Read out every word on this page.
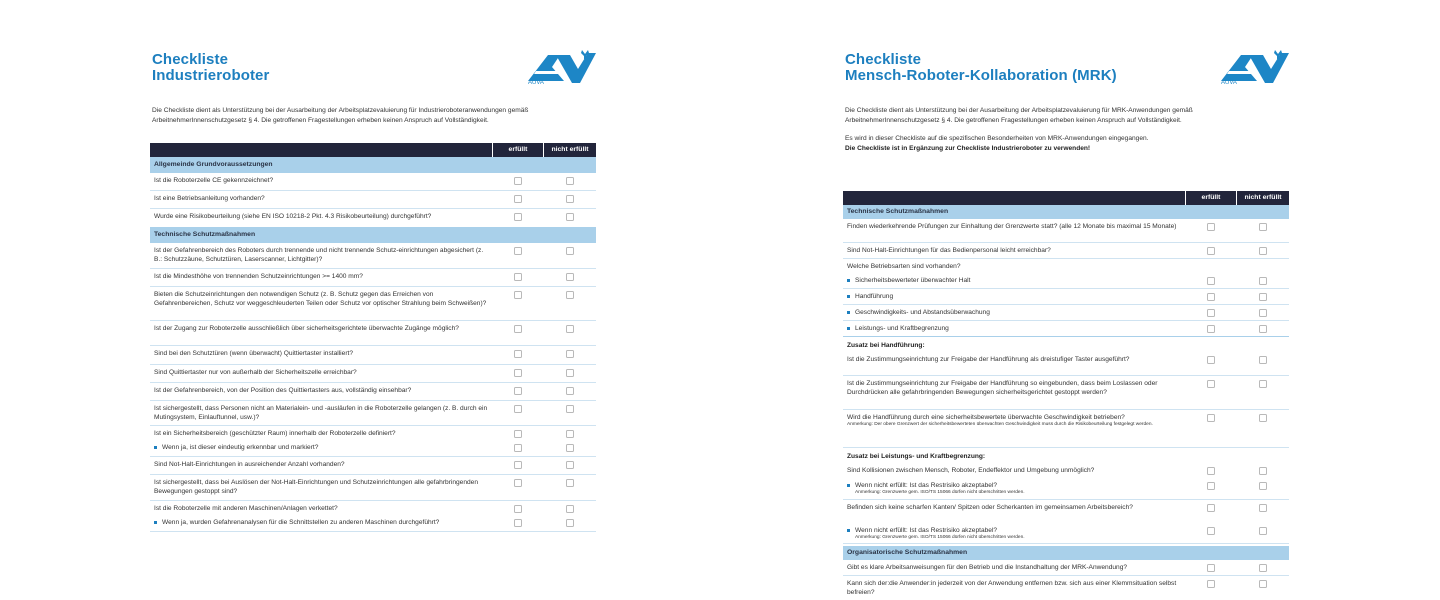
Checkliste
Industrieroboter	AUVA

Die Checkliste dient als Unterstützung bei der Ausarbeitung der Arbeitsplatzevaluierung für Industrieroboteranwendungen gemäß ArbeitnehmerInnenschutzgesetz § 4. Die getroffenen Fragestellungen erheben keinen Anspruch auf Vollständigkeit.

erfüllt	nicht erfüllt
Allgemeinde Grundvoraussetzungen
Ist die Roboterzelle CE gekennzeichnet?
Ist eine Betriebsanleitung vorhanden?
Wurde eine Risikobeurteilung (siehe EN ISO 10218-2 Pkt. 4.3 Risikobeurteilung) durchgeführt?
Technische Schutzmaßnahmen
Ist der Gefahrenbereich des Roboters durch trennende und nicht trennende Schutz-einrichtungen abgesichert (z. B.: Schutzzäune, Schutztüren, Laserscanner, Lichtgitter)?
Ist die Mindesthöhe von trennenden Schutzeinrichtungen >= 1400 mm?
Bieten die Schutzeinrichtungen den notwendigen Schutz (z. B. Schutz gegen das Erreichen von Gefahrenbereichen, Schutz vor weggeschleuderten Teilen oder Schutz vor optischer Strahlung beim Schweißen)?
Ist der Zugang zur Roboterzelle ausschließlich über sicherheitsgerichtete überwachte Zugänge möglich?
Sind bei den Schutztüren (wenn überwacht) Quittiertaster installiert?
Sind Quittiertaster nur von außerhalb der Sicherheitszelle erreichbar?
Ist der Gefahrenbereich, von der Position des Quittiertasters aus, vollständig einsehbar?
Ist sichergestellt, dass Personen nicht an Materialein- und -ausläufen in die Roboterzelle gelangen (z. B. durch ein Mutingsystem, Einlauftunnel, usw.)?
Ist ein Sicherheitsbereich (geschützter Raum) innerhalb der Roboterzelle definiert?
Wenn ja, ist dieser eindeutig erkennbar und markiert?
Sind Not-Halt-Einrichtungen in ausreichender Anzahl vorhanden?
Ist sichergestellt, dass bei Auslösen der Not-Halt-Einrichtungen und Schutzeinrichtungen alle gefahrbringenden Bewegungen gestoppt sind?
Ist die Roboterzelle mit anderen Maschinen/Anlagen verkettet?
Wenn ja, wurden Gefahrenanalysen für die Schnittstellen zu anderen Maschinen durchgeführt?
Checkliste
Mensch-Roboter-Kollaboration (MRK)	AUVA

Die Checkliste dient als Unterstützung bei der Ausarbeitung der Arbeitsplatzevaluierung für MRK-Anwendungen gemäß ArbeitnehmerInnenschutzgesetz § 4. Die getroffenen Fragestellungen erheben keinen Anspruch auf Vollständigkeit.

Es wird in dieser Checkliste auf die spezifischen Besonderheiten von MRK-Anwendungen eingegangen.

Die Checkliste ist in Ergänzung zur Checkliste Industrieroboter zu verwenden!

erfüllt	nicht erfüllt
Technische Schutzmaßnahmen
Finden wiederkehrende Prüfungen zur Einhaltung der Grenzwerte statt? (alle 12 Monate bis maximal 15 Monate)
Sind Not-Halt-Einrichtungen für das Bedienpersonal leicht erreichbar?
Welche Betriebsarten sind vorhanden?
Sicherheitsbewerteter überwachter Halt
Handführung
Geschwindigkeits- und Abstandsüberwachung
Leistungs- und Kraftbegrenzung
Zusatz bei Handführung:
Ist die Zustimmungseinrichtung zur Freigabe der Handführung als dreistufiger Taster ausgeführt?
Ist die Zustimmungseinrichtung zur Freigabe der Handführung so eingebunden, dass beim Loslassen oder Durchdrücken alle gefahrbringenden Bewegungen sicherheitsgerichtet gestoppt werden?
Wird die Handführung durch eine sicherheitsbewertete überwachte Geschwindigkeit betrieben?
Anmerkung: Der obere Grenzwert der sicherheitsbewerteten überwachten Geschwindigkeit muss durch die Risikobeurteilung festgelegt werden.
Zusatz bei Leistungs- und Kraftbegrenzung:
Sind Kollisionen zwischen Mensch, Roboter, Endeffektor und Umgebung unmöglich?
Wenn nicht erfüllt: Ist das Restrisiko akzeptabel?
Anmerkung: Grenzwerte gem. ISO/TS 15066 dürfen nicht überschritten werden.
Befinden sich keine scharfen Kanten/ Spitzen oder Scherkanten im gemeinsamen Arbeitsbereich?
Wenn nicht erfüllt: Ist das Restrisiko akzeptabel?
Anmerkung: Grenzwerte gem. ISO/TS 15066 dürfen nicht überschritten werden.
Organisatorische Schutzmaßnahmen
Gibt es klare Arbeitsanweisungen für den Betrieb und die Instandhaltung der MRK-Anwendung?
Kann sich der:die Anwender:in jederzeit von der Anwendung entfernen bzw. sich aus einer Klemmsituation selbst befreien?
